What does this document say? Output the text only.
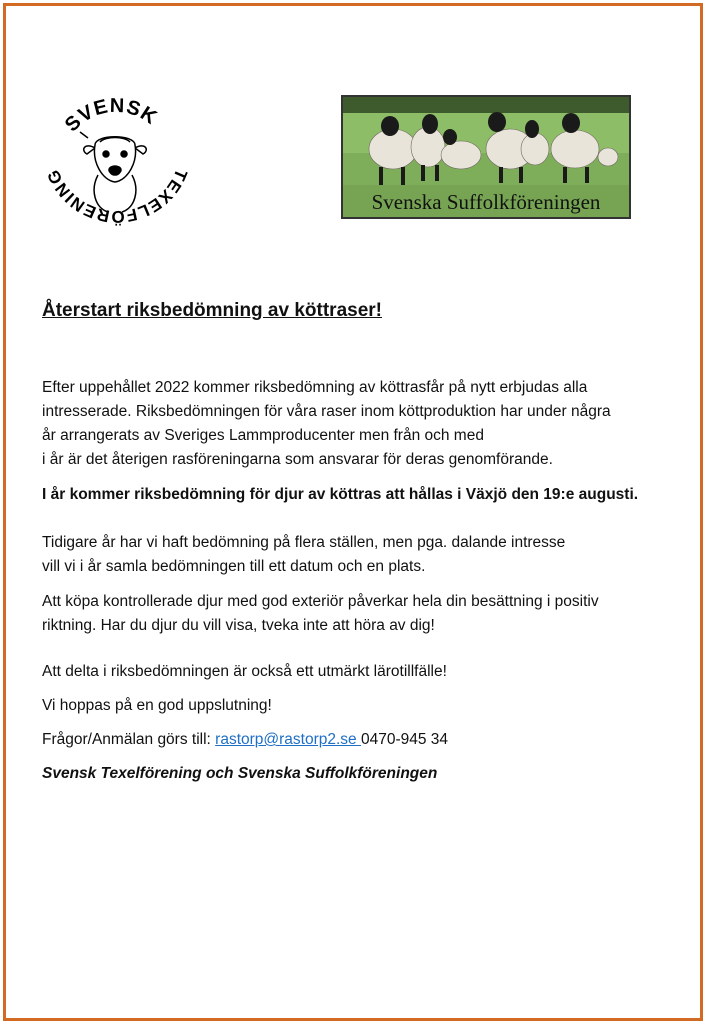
SVENSK
TEXELFÖRENING
Svenska Suffolkföreningen
Återstart riksbedömning av köttraser!

Efter uppehållet 2022 kommer riksbedömning av köttrasfår på nytt erbjudas alla

intresserade. Riksbedömningen för våra raser inom köttproduktion har under några

år arrangerats av Sveriges Lammproducenter men från och med

i år är det återigen rasföreningarna som ansvarar för deras genomförande.

I år kommer riksbedömning för djur av köttras att hållas i Växjö den 19:e augusti.

Tidigare år har vi haft bedömning på flera ställen, men pga. dalande intresse

vill vi i år samla bedömningen till ett datum och en plats.

Att köpa kontrollerade djur med god exteriör påverkar hela din besättning i positiv

riktning. Har du djur du vill visa, tveka inte att höra av dig!

Att delta i riksbedömningen är också ett utmärkt lärotillfälle!

Vi hoppas på en god uppslutning!

Frågor/Anmälan görs till: rastorp@rastorp2.se 0470-945 34

Svensk Texelförening och Svenska Suffolkföreningen
